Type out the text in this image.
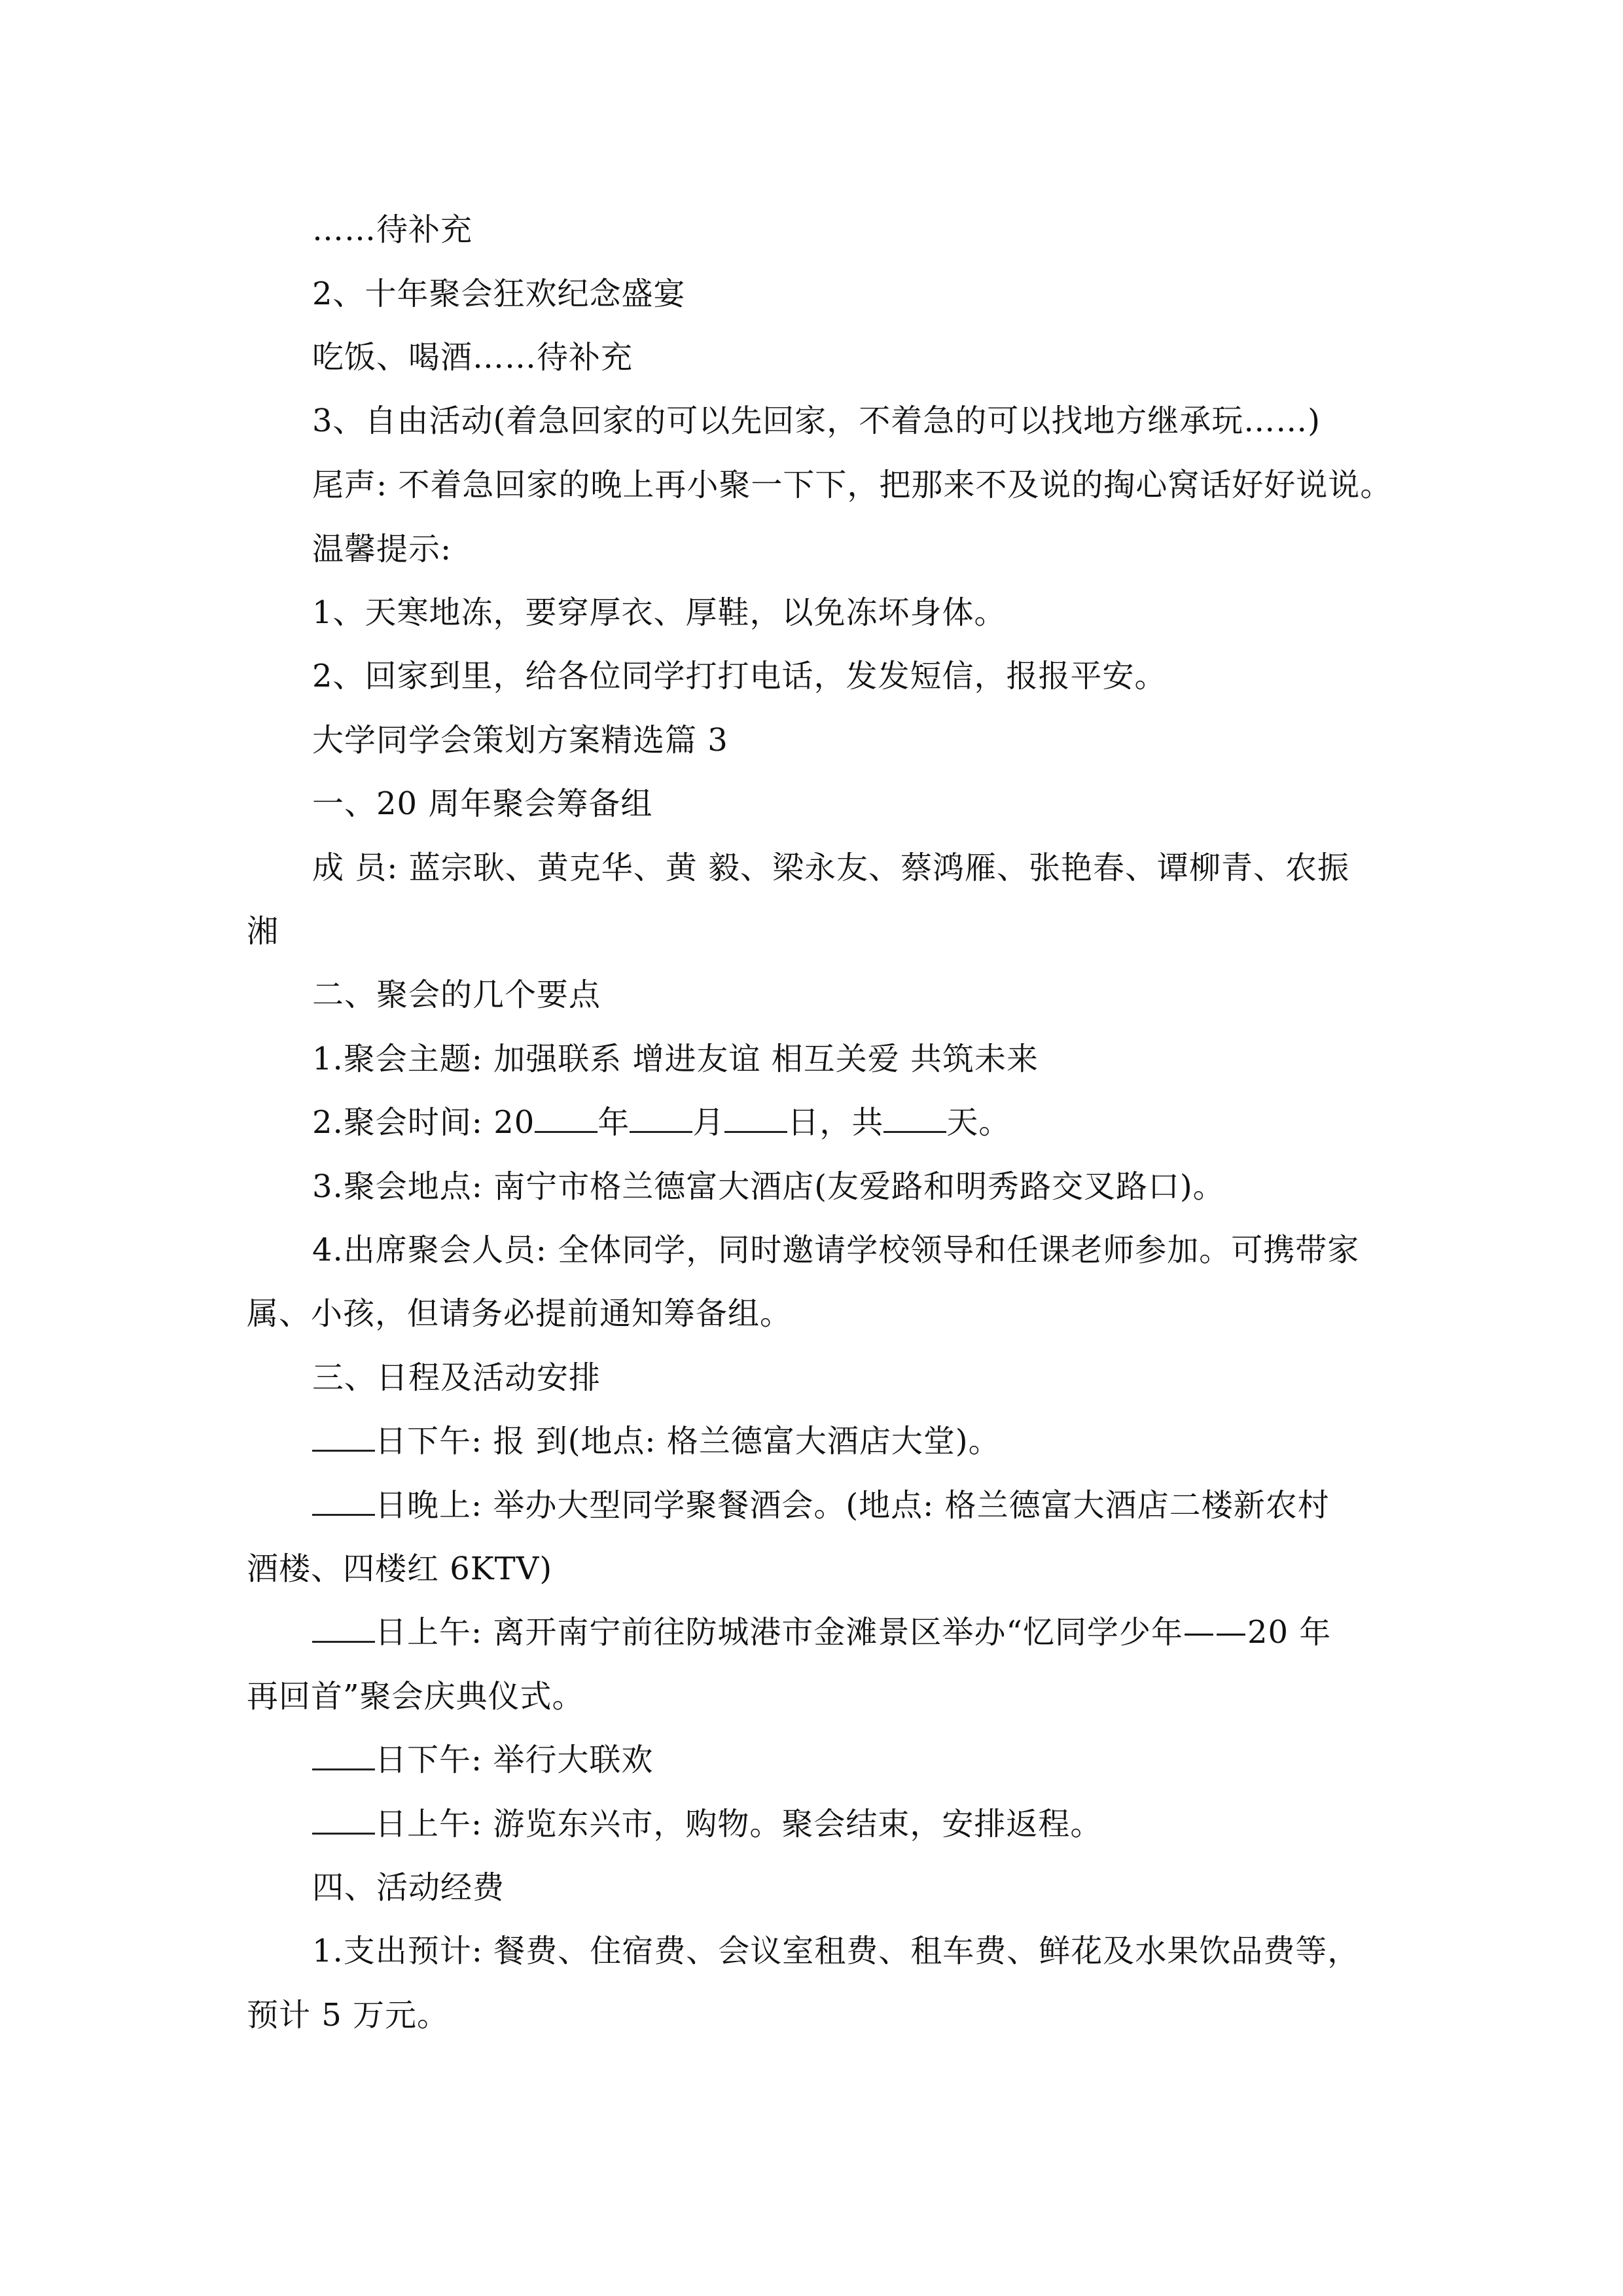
……待补充
2、十年聚会狂欢纪念盛宴
吃饭、喝酒……待补充
3、自由活动(着急回家的可以先回家，不着急的可以找地方继承玩……)
尾声: 不着急回家的晚上再小聚一下下，把那来不及说的掏心窝话好好说说。
温馨提示:
1、天寒地冻，要穿厚衣、厚鞋，以免冻坏身体。
2、回家到里，给各位同学打打电话，发发短信，报报平安。
大学同学会策划方案精选篇 3
一、20 周年聚会筹备组
成 员: 蓝宗耿、黄克华、黄 毅、梁永友、蔡鸿雁、张艳春、谭柳青、农振
湘
二、聚会的几个要点
1.聚会主题: 加强联系 增进友谊 相互关爱 共筑未来
2.聚会时间: 20 年 月 日，共 天。
3.聚会地点: 南宁市格兰德富大酒店(友爱路和明秀路交叉路口)。
4.出席聚会人员: 全体同学，同时邀请学校领导和任课老师参加。可携带家
属、小孩，但请务必提前通知筹备组。
三、日程及活动安排
日下午: 报 到(地点: 格兰德富大酒店大堂)。
日晚上: 举办大型同学聚餐酒会。(地点: 格兰德富大酒店二楼新农村
酒楼、四楼红 6KTV)
日上午: 离开南宁前往防城港市金滩景区举办“忆同学少年——20 年
再回首”聚会庆典仪式。
日下午: 举行大联欢
日上午: 游览东兴市，购物。聚会结束，安排返程。
四、活动经费
1.支出预计: 餐费、住宿费、会议室租费、租车费、鲜花及水果饮品费等，
预计 5 万元。
